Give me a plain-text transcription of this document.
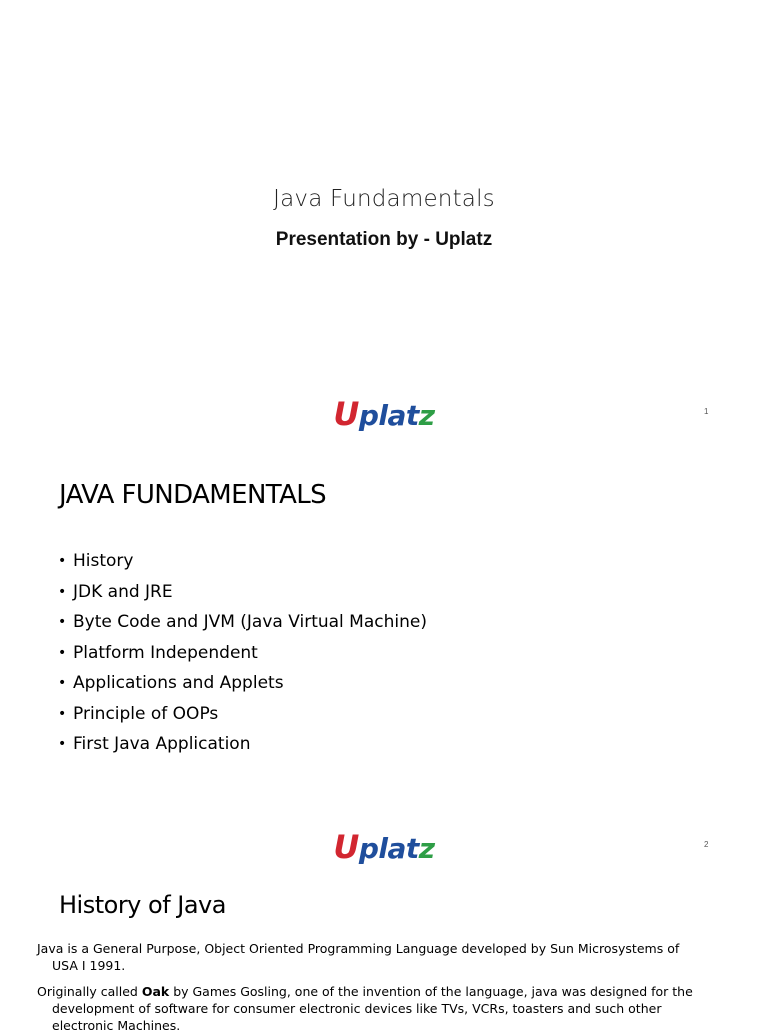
Java Fundamentals
Presentation by - Uplatz
Uplatz	1
JAVA FUNDAMENTALS
• History
• JDK and JRE
• Byte Code and JVM (Java Virtual Machine)
• Platform Independent
• Applications and Applets
• Principle of OOPs
• First Java Application
Uplatz	2
History of Java
Java is a General Purpose, Object Oriented Programming Language developed by Sun Microsystems of
USA I 1991.
Originally called Oak by Games Gosling, one of the invention of the language, java was designed for the
development of software for consumer electronic devices like TVs, VCRs, toasters and such other
electronic Machines.
